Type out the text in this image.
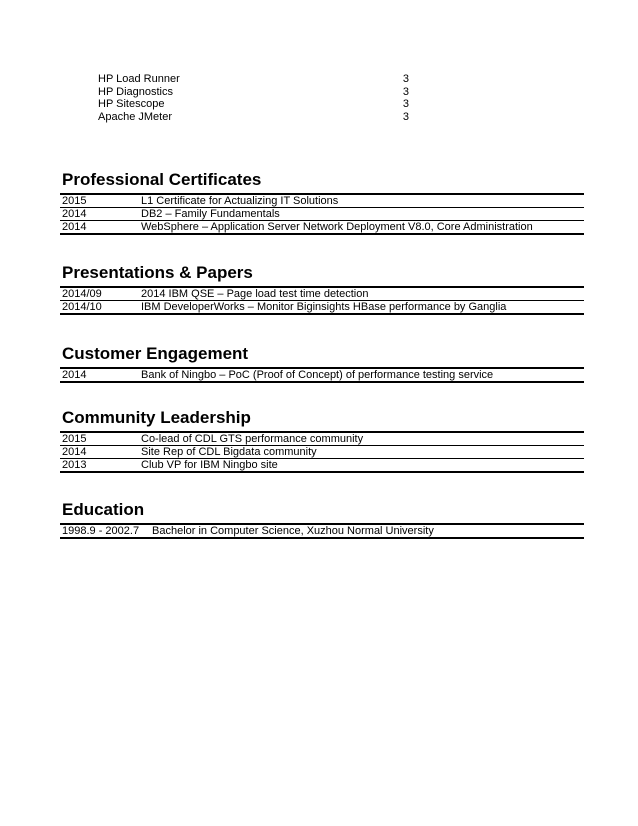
HP Load Runner	3
HP Diagnostics	3
HP Sitescope	3
Apache JMeter	3
Professional Certificates
2015	L1 Certificate for Actualizing IT Solutions
2014	DB2 – Family Fundamentals
2014	WebSphere – Application Server Network Deployment V8.0, Core Administration
Presentations & Papers
2014/09	2014 IBM QSE – Page load test time detection
2014/10	IBM DeveloperWorks – Monitor Biginsights HBase performance by Ganglia
Customer Engagement
2014	Bank of Ningbo – PoC (Proof of Concept) of performance testing service
Community Leadership
2015	Co-lead of CDL GTS performance community
2014	Site Rep of CDL Bigdata community
2013	Club VP for IBM Ningbo site
Education
1998.9 - 2002.7	Bachelor in Computer Science, Xuzhou Normal University
